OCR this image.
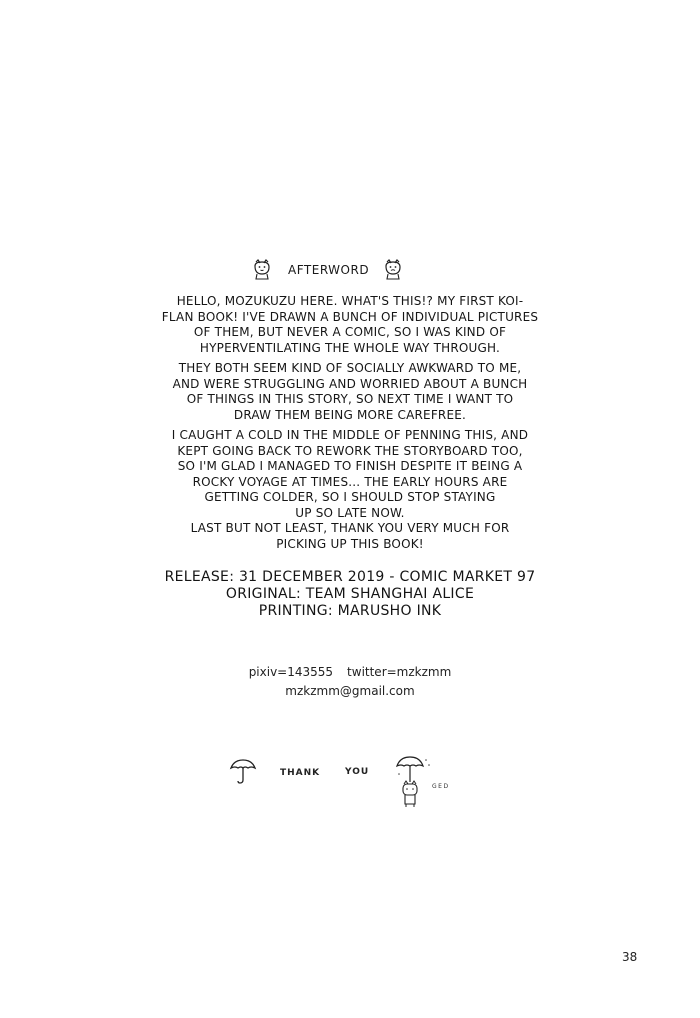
AFTERWORD
HELLO, MOZUKUZU HERE. WHAT'S THIS!? MY FIRST KOI-
FLAN BOOK! I'VE DRAWN A BUNCH OF INDIVIDUAL PICTURES
OF THEM, BUT NEVER A COMIC, SO I WAS KIND OF
HYPERVENTILATING THE WHOLE WAY THROUGH.
THEY BOTH SEEM KIND OF SOCIALLY AWKWARD TO ME,
AND WERE STRUGGLING AND WORRIED ABOUT A BUNCH
OF THINGS IN THIS STORY, SO NEXT TIME I WANT TO
DRAW THEM BEING MORE CAREFREE.
I CAUGHT A COLD IN THE MIDDLE OF PENNING THIS, AND
KEPT GOING BACK TO REWORK THE STORYBOARD TOO,
SO I'M GLAD I MANAGED TO FINISH DESPITE IT BEING A
ROCKY VOYAGE AT TIMES... THE EARLY HOURS ARE
GETTING COLDER, SO I SHOULD STOP STAYING
UP SO LATE NOW.
LAST BUT NOT LEAST, THANK YOU VERY MUCH FOR
PICKING UP THIS BOOK!
RELEASE: 31 DECEMBER 2019 - COMIC MARKET 97
ORIGINAL: TEAM SHANGHAI ALICE
PRINTING: MARUSHO INK
pixiv=143555 twitter=mzkzmm
mzkzmm@gmail.com
THANK	YOU
GED
38
